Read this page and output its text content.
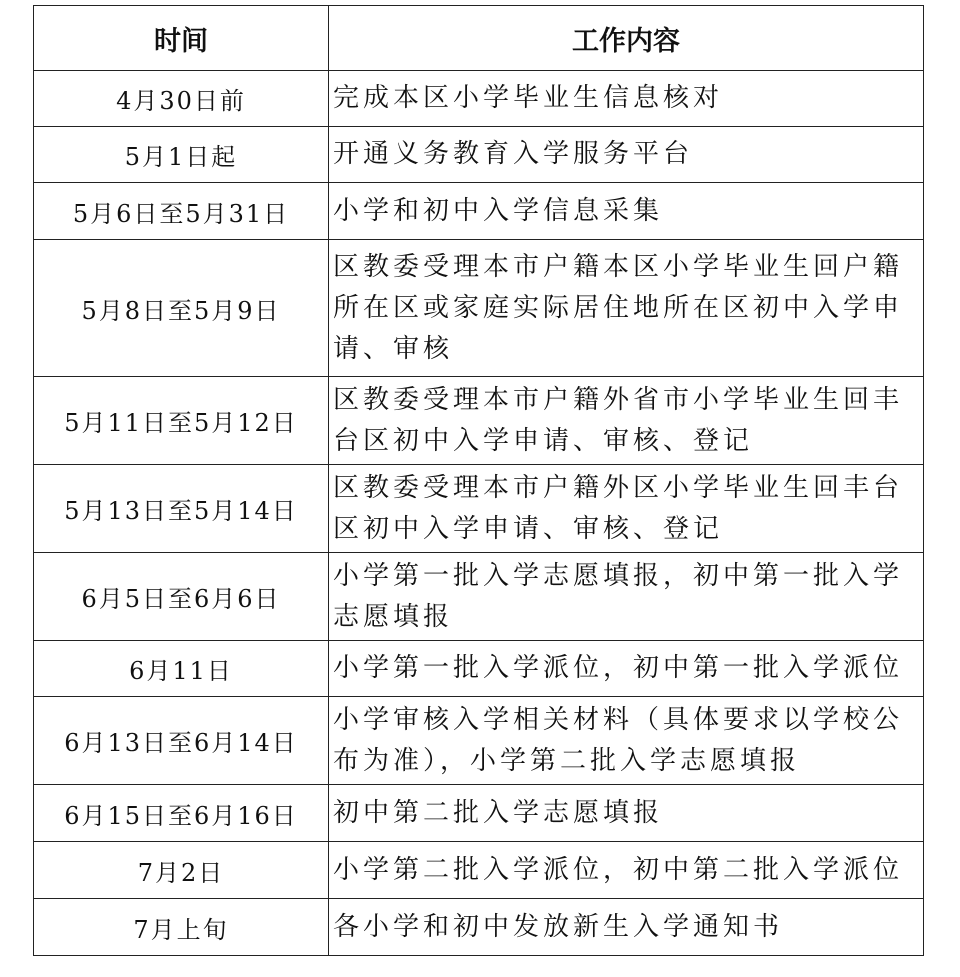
时间	工作内容
4月30日前	完成本区小学毕业生信息核对
5月1日起	开通义务教育入学服务平台
5月6日至5月31日	小学和初中入学信息采集
5月8日至5月9日	区教委受理本市户籍本区小学毕业生回户籍所在区或家庭实际居住地所在区初中入学申请、审核
5月11日至5月12日	区教委受理本市户籍外省市小学毕业生回丰台区初中入学申请、审核、登记
5月13日至5月14日	区教委受理本市户籍外区小学毕业生回丰台区初中入学申请、审核、登记
6月5日至6月6日	小学第一批入学志愿填报，初中第一批入学志愿填报
6月11日	小学第一批入学派位，初中第一批入学派位
6月13日至6月14日	小学审核入学相关材料（具体要求以学校公布为准），小学第二批入学志愿填报
6月15日至6月16日	初中第二批入学志愿填报
7月2日	小学第二批入学派位，初中第二批入学派位
7月上旬	各小学和初中发放新生入学通知书
